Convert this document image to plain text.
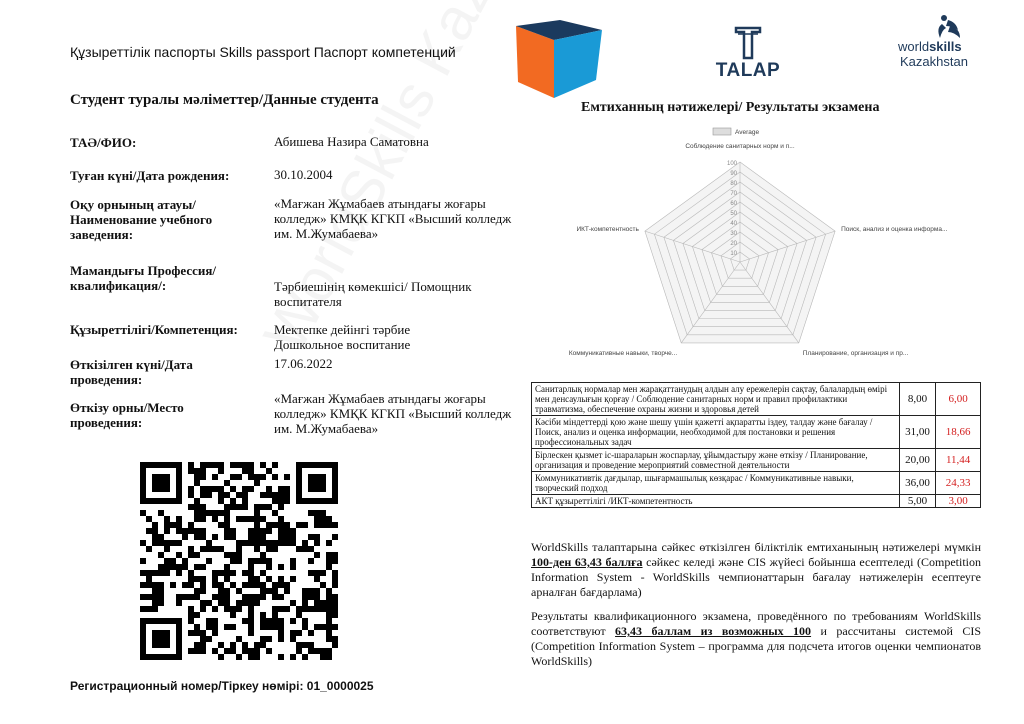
Құзыреттілік паспорты Skills passport Паспорт компетенций
TALAP
worldskills
Kazakhstan
Студент туралы мәліметтер/Данные студента	Емтиханның нәтижелері/ Результаты экзамена
ТАӘ/ФИО:	Абишева Назира Саматовна
Туған күні/Дата рождения:	30.10.2004
Оқу орнының атауы/Наименование учебного заведения:
«Мағжан Жұмабаев атындағы жоғары колледж» КМҚК КГКП «Высший колледж им. М.Жумабаева»
Мамандығы Профессия/квалификация/:	Тәрбиешінің көмекшісі/ Помощник воспитателя
Құзыреттілігі/Компетенция:	Мектепке дейінгі тәрбие Дошкольное воспитание
Өткізілген күні/Дата проведения:
17.06.2022
Өткізу орны/Место проведения:
«Мағжан Жұмабаев атындағы жоғары колледж» КМҚК КГКП «Высший колледж им. М.Жумабаева»
Регистрационный номер/Тіркеу нөмірі: 01_0000025
10
20
30
40
50
60
70
80
90
100
Соблюдение санитарных норм и п...
Поиск, анализ и оценка информа...
Планирование, организация и пр...
Коммуникативные навыки, творче...
ИКТ-компетентность
Average
Санитарлық нормалар мен жарақаттанудың алдын алу ережелерін сақтау, балалардың өмірі мен денсаулығын қорғау / Соблюдение санитарных норм и правил профилактики травматизма, обеспечение охраны жизни и здоровья детей	8,00	6,00
Кәсіби міндеттерді қою және шешу үшін қажетті ақпаратты іздеу, талдау және бағалау / Поиск, анализ и оценка информации, необходимой для постановки и решения профессиональных задач	31,00	18,66
Бірлескен қызмет іс-шараларын жоспарлау, ұйымдастыру және өткізу / Планирование, организация и проведение мероприятий совместной деятельности	20,00	11,44
Коммуникативтік дағдылар, шығармашылық көзқарас / Коммуникативные навыки, творческий подход	36,00	24,33
АКТ құзыреттілігі /ИКТ-компетентность	5,00	3,00
WorldSkills талаптарына сәйкес өткізілген біліктілік емтиханының нәтижелері мүмкін 100-ден 63,43 баллға сәйкес келеді және CIS жүйесі бойынша есептеледі (Competition Information System - WorldSkills чемпионаттарын бағалау нәтижелерін есептеуге арналған бағдарлама)
Результаты квалификационного экзамена, проведённого по требованиям WorldSkills соответствуют 63,43 баллам из возможных 100 и рассчитаны системой CIS (Competition Information System – программа для подсчета итогов оценки чемпионатов WorldSkills)
